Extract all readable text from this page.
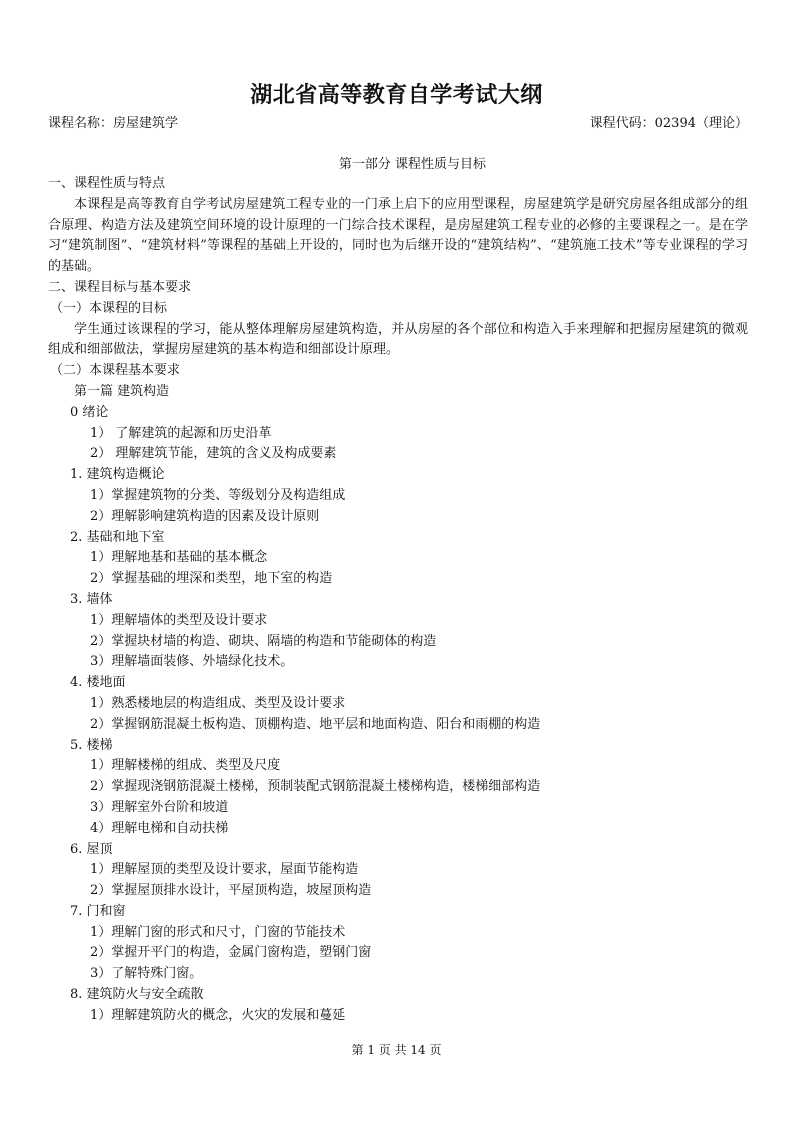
湖北省高等教育自学考试大纲
课程名称：房屋建筑学	课程代码：02394（理论）
第一部分 课程性质与目标
一、课程性质与特点
本课程是高等教育自学考试房屋建筑工程专业的一门承上启下的应用型课程，房屋建筑学是研究房屋各组成部分的组合原理、构造方法及建筑空间环境的设计原理的一门综合技术课程，是房屋建筑工程专业的必修的主要课程之一。是在学习“建筑制图”、“建筑材料”等课程的基础上开设的，同时也为后继开设的“建筑结构”、“建筑施工技术”等专业课程的学习的基础。
二、课程目标与基本要求
（一）本课程的目标
学生通过该课程的学习，能从整体理解房屋建筑构造，并从房屋的各个部位和构造入手来理解和把握房屋建筑的微观组成和细部做法，掌握房屋建筑的基本构造和细部设计原理。
（二）本课程基本要求
第一篇 建筑构造
0 绪论
1） 了解建筑的起源和历史沿革
2） 理解建筑节能，建筑的含义及构成要素
1. 建筑构造概论
1）掌握建筑物的分类、等级划分及构造组成
2）理解影响建筑构造的因素及设计原则
2. 基础和地下室
1）理解地基和基础的基本概念
2）掌握基础的埋深和类型，地下室的构造
3. 墙体
1）理解墙体的类型及设计要求
2）掌握块材墙的构造、砌块、隔墙的构造和节能砌体的构造
3）理解墙面装修、外墙绿化技术。
4. 楼地面
1）熟悉楼地层的构造组成、类型及设计要求
2）掌握钢筋混凝土板构造、顶棚构造、地平层和地面构造、阳台和雨棚的构造
5. 楼梯
1）理解楼梯的组成、类型及尺度
2）掌握现浇钢筋混凝土楼梯，预制装配式钢筋混凝土楼梯构造，楼梯细部构造
3）理解室外台阶和坡道
4）理解电梯和自动扶梯
6. 屋顶
1）理解屋顶的类型及设计要求，屋面节能构造
2）掌握屋顶排水设计，平屋顶构造，坡屋顶构造
7. 门和窗
1）理解门窗的形式和尺寸，门窗的节能技术
2）掌握开平门的构造，金属门窗构造，塑钢门窗
3）了解特殊门窗。
8. 建筑防火与安全疏散
1）理解建筑防火的概念，火灾的发展和蔓延
第 1 页 共 14 页
